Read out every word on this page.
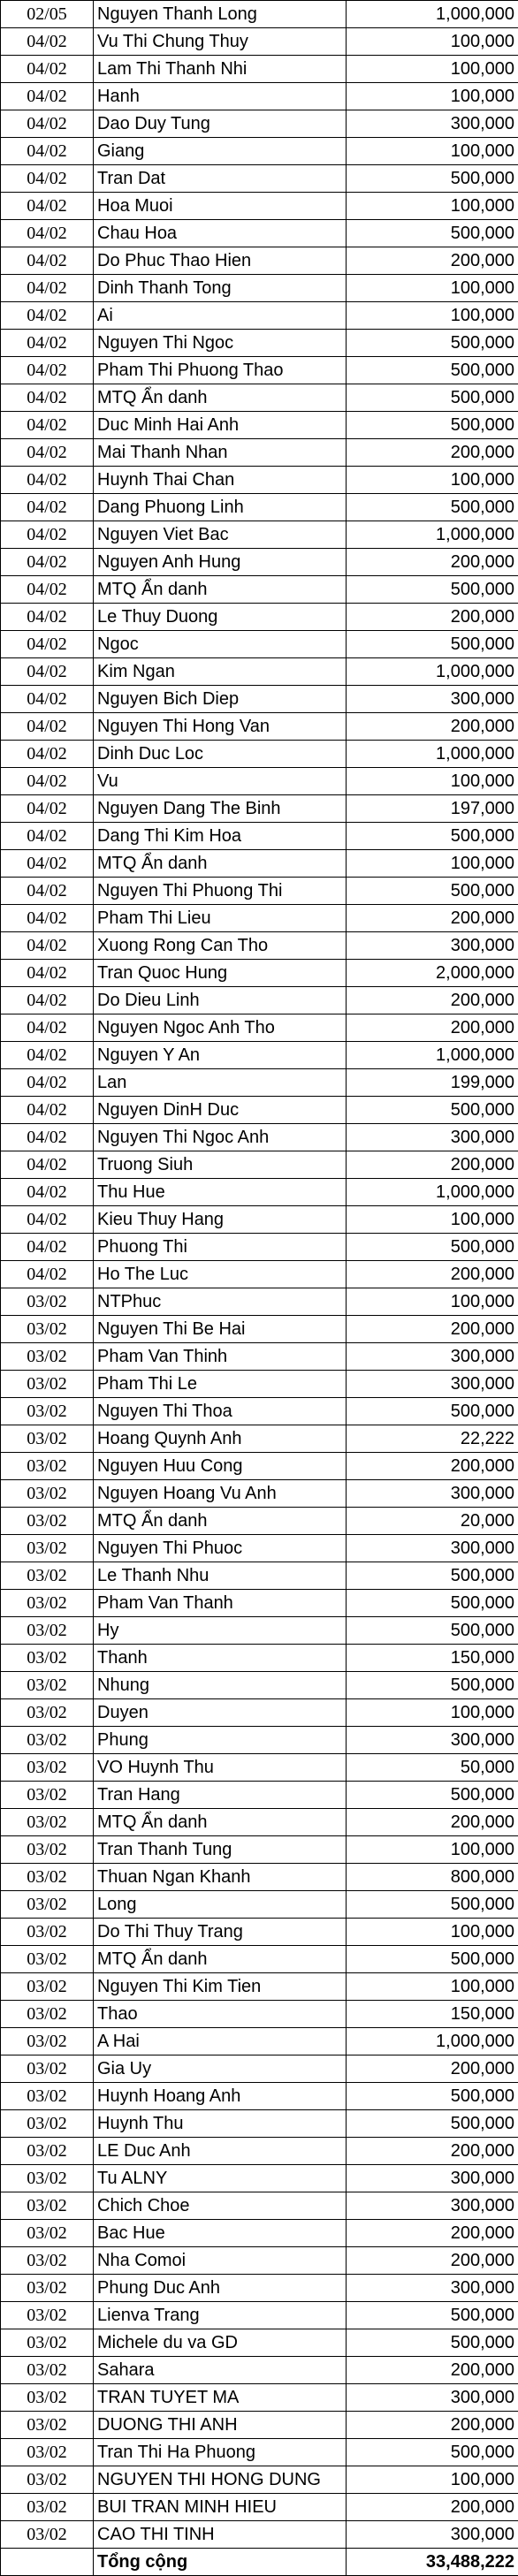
02/05	Nguyen Thanh Long	1,000,000
04/02	Vu Thi Chung Thuy	100,000
04/02	Lam Thi Thanh Nhi	100,000
04/02	Hanh	100,000
04/02	Dao Duy Tung	300,000
04/02	Giang	100,000
04/02	Tran Dat	500,000
04/02	Hoa Muoi	100,000
04/02	Chau Hoa	500,000
04/02	Do Phuc Thao Hien	200,000
04/02	Dinh Thanh Tong	100,000
04/02	Ai	100,000
04/02	Nguyen Thi Ngoc	500,000
04/02	Pham Thi Phuong Thao	500,000
04/02	MTQ Ẩn danh	500,000
04/02	Duc Minh Hai Anh	500,000
04/02	Mai Thanh Nhan	200,000
04/02	Huynh Thai Chan	100,000
04/02	Dang Phuong Linh	500,000
04/02	Nguyen Viet Bac	1,000,000
04/02	Nguyen Anh Hung	200,000
04/02	MTQ Ẩn danh	500,000
04/02	Le Thuy Duong	200,000
04/02	Ngoc	500,000
04/02	Kim Ngan	1,000,000
04/02	Nguyen Bich Diep	300,000
04/02	Nguyen Thi Hong Van	200,000
04/02	Dinh Duc Loc	1,000,000
04/02	Vu	100,000
04/02	Nguyen Dang The Binh	197,000
04/02	Dang Thi Kim Hoa	500,000
04/02	MTQ Ẩn danh	100,000
04/02	Nguyen Thi Phuong Thi	500,000
04/02	Pham Thi Lieu	200,000
04/02	Xuong Rong Can Tho	300,000
04/02	Tran Quoc Hung	2,000,000
04/02	Do Dieu Linh	200,000
04/02	Nguyen Ngoc Anh Tho	200,000
04/02	Nguyen Y An	1,000,000
04/02	Lan	199,000
04/02	Nguyen DinH Duc	500,000
04/02	Nguyen Thi Ngoc Anh	300,000
04/02	Truong Siuh	200,000
04/02	Thu Hue	1,000,000
04/02	Kieu Thuy Hang	100,000
04/02	Phuong Thi	500,000
04/02	Ho The Luc	200,000
03/02	NTPhuc	100,000
03/02	Nguyen Thi Be Hai	200,000
03/02	Pham Van Thinh	300,000
03/02	Pham Thi Le	300,000
03/02	Nguyen Thi Thoa	500,000
03/02	Hoang Quynh Anh	22,222
03/02	Nguyen Huu Cong	200,000
03/02	Nguyen Hoang Vu Anh	300,000
03/02	MTQ Ẩn danh	20,000
03/02	Nguyen Thi Phuoc	300,000
03/02	Le Thanh Nhu	500,000
03/02	Pham Van Thanh	500,000
03/02	Hy	500,000
03/02	Thanh	150,000
03/02	Nhung	500,000
03/02	Duyen	100,000
03/02	Phung	300,000
03/02	VO Huynh Thu	50,000
03/02	Tran Hang	500,000
03/02	MTQ Ẩn danh	200,000
03/02	Tran Thanh Tung	100,000
03/02	Thuan Ngan Khanh	800,000
03/02	Long	500,000
03/02	Do Thi Thuy Trang	100,000
03/02	MTQ Ẩn danh	500,000
03/02	Nguyen Thi Kim Tien	100,000
03/02	Thao	150,000
03/02	A Hai	1,000,000
03/02	Gia Uy	200,000
03/02	Huynh Hoang Anh	500,000
03/02	Huynh Thu	500,000
03/02	LE Duc Anh	200,000
03/02	Tu ALNY	300,000
03/02	Chich Choe	300,000
03/02	Bac Hue	200,000
03/02	Nha Comoi	200,000
03/02	Phung Duc Anh	300,000
03/02	Lienva Trang	500,000
03/02	Michele du va GD	500,000
03/02	Sahara	200,000
03/02	TRAN TUYET MA	300,000
03/02	DUONG THI ANH	200,000
03/02	Tran Thi Ha Phuong	500,000
03/02	NGUYEN THI HONG DUNG	100,000
03/02	BUI TRAN MINH HIEU	200,000
03/02	CAO THI TINH	300,000
	Tổng cộng	33,488,222
